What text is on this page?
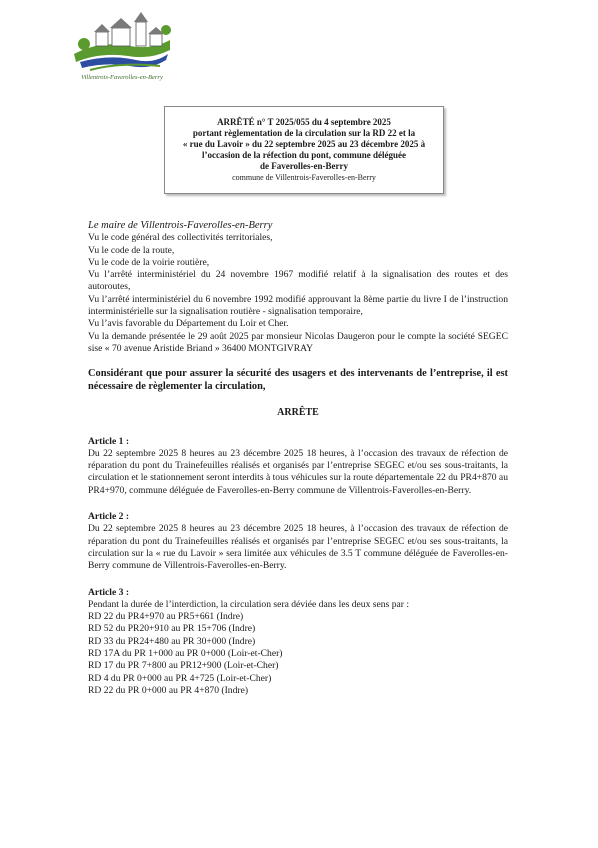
Villentrois-Faverolles-en-Berry
ARRÊTÉ n° T 2025/055 du 4 septembre 2025
portant règlementation de la circulation sur la RD 22 et la
« rue du Lavoir » du 22 septembre 2025 au 23 décembre 2025 à
l’occasion de la réfection du pont, commune déléguée
de Faverolles-en-Berry
commune de Villentrois-Faverolles-en-Berry
Le maire de Villentrois-Faverolles-en-Berry
Vu le code général des collectivités territoriales,
Vu le code de la route,
Vu le code de la voirie routière,
Vu l’arrêté interministériel du 24 novembre 1967 modifié relatif à la signalisation des routes et des autoroutes,
Vu l’arrêté interministériel du 6 novembre 1992 modifié approuvant la 8ème partie du livre I de l’instruction interministérielle sur la signalisation routière - signalisation temporaire,
Vu l’avis favorable du Département du Loir et Cher.
Vu la demande présentée le 29 août 2025 par monsieur Nicolas Daugeron pour le compte la société SEGEC sise « 70 avenue Aristide Briand » 36400 MONTGIVRAY
Considérant que pour assurer la sécurité des usagers et des intervenants de l’entreprise, il est nécessaire de règlementer la circulation,
ARRÊTE
Article 1 :
Du 22 septembre 2025 8 heures au 23 décembre 2025 18 heures, à l’occasion des travaux de réfection de réparation du pont du Trainefeuilles réalisés et organisés par l’entreprise SEGEC et/ou ses sous-traitants, la circulation et le stationnement seront interdits à tous véhicules sur la route départementale 22 du PR4+870 au PR4+970, commune déléguée de Faverolles-en-Berry commune de Villentrois-Faverolles-en-Berry.
Article 2 :
Du 22 septembre 2025 8 heures au 23 décembre 2025 18 heures, à l’occasion des travaux de réfection de réparation du pont du Trainefeuilles réalisés et organisés par l’entreprise SEGEC et/ou ses sous-traitants, la circulation sur la « rue du Lavoir » sera limitée aux véhicules de 3.5 T commune déléguée de Faverolles-en-Berry commune de Villentrois-Faverolles-en-Berry.
Article 3 :
Pendant la durée de l’interdiction, la circulation sera déviée dans les deux sens par :
RD 22 du PR4+970 au PR5+661 (Indre)
RD 52 du PR20+910 au PR 15+706 (Indre)
RD 33 du PR24+480 au PR 30+000 (Indre)
RD 17A du PR 1+000 au PR 0+000 (Loir-et-Cher)
RD 17 du PR 7+800 au PR12+900 (Loir-et-Cher)
RD 4 du PR 0+000 au PR 4+725 (Loir-et-Cher)
RD 22 du PR 0+000 au PR 4+870 (Indre)
